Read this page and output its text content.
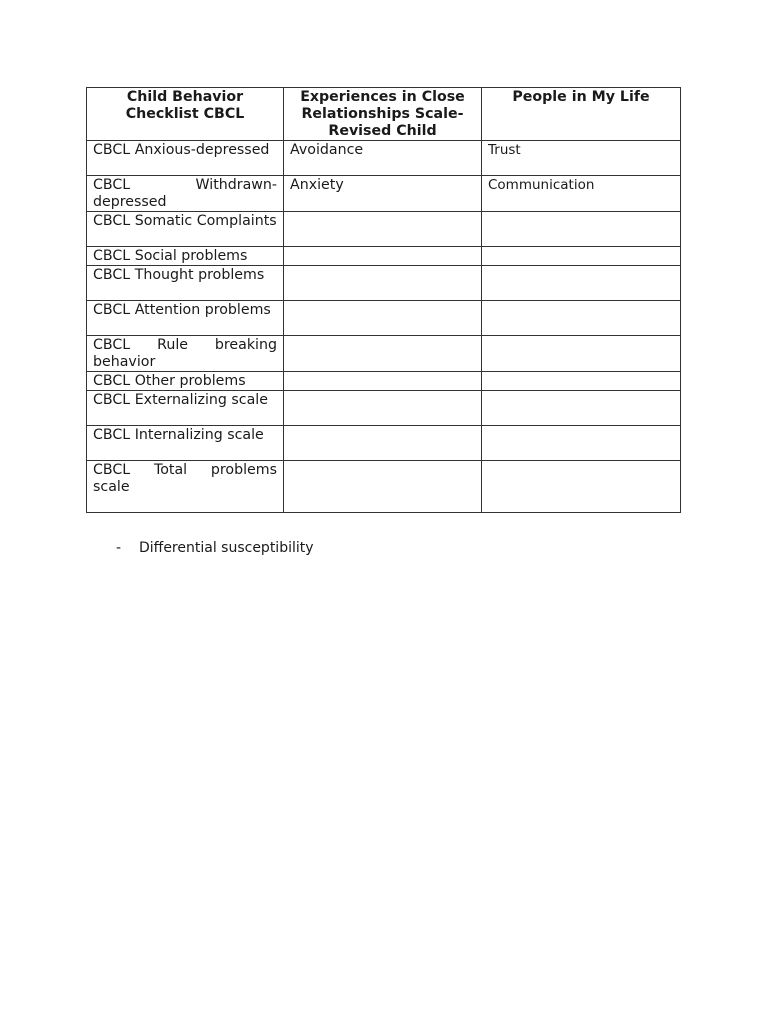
Child Behavior Checklist CBCL	Experiences in Close Relationships Scale-Revised Child	People in My Life
CBCL Anxious-depressed	Avoidance	Trust
CBCL Withdrawn-depressed	Anxiety	Communication
CBCL Somatic Complaints		
CBCL Social problems		
CBCL Thought problems		
CBCL Attention problems		
CBCL Rule breaking behavior		
CBCL Other problems		
CBCL Externalizing scale		
CBCL Internalizing scale		
CBCL Total problems scale		
-	Differential susceptibility
